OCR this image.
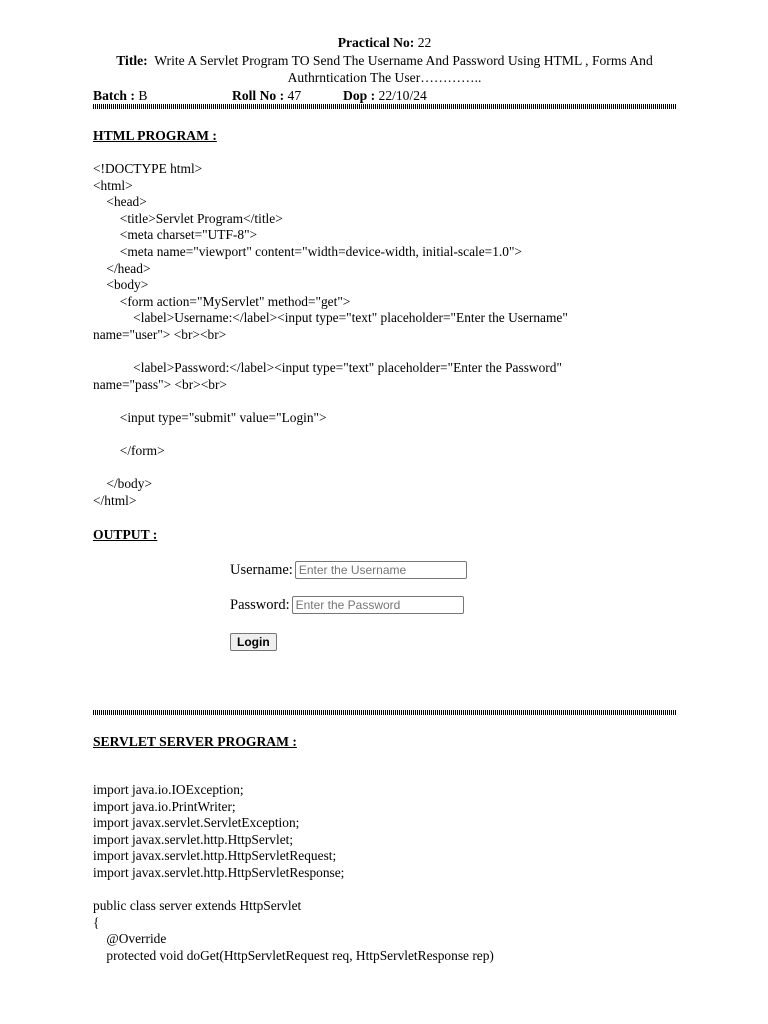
Practical No: 22
Title: Write A Servlet Program TO Send The Username And Password Using HTML , Forms And
Authrntication The User…………..
Batch : B	Roll No : 47	Dop : 22/10/24
HTML PROGRAM :
<!DOCTYPE html>
<html>
<head>
<title>Servlet Program</title>
<meta charset="UTF-8">
<meta name="viewport" content="width=device-width, initial-scale=1.0">
</head>
<body>
<form action="MyServlet" method="get">
<label>Username:</label><input type="text" placeholder="Enter the Username"
name="user"> <br><br>

<label>Password:</label><input type="text" placeholder="Enter the Password"
name="pass"> <br><br>

<input type="submit" value="Login">

</form>

</body>
</html>
OUTPUT :
SERVLET SERVER PROGRAM :
import java.io.IOException;
import java.io.PrintWriter;
import javax.servlet.ServletException;
import javax.servlet.http.HttpServlet;
import javax.servlet.http.HttpServletRequest;
import javax.servlet.http.HttpServletResponse;

public class server extends HttpServlet
{
@Override
protected void doGet(HttpServletRequest req, HttpServletResponse rep)
Username:Enter the Username
Password:Enter the Password
Login
